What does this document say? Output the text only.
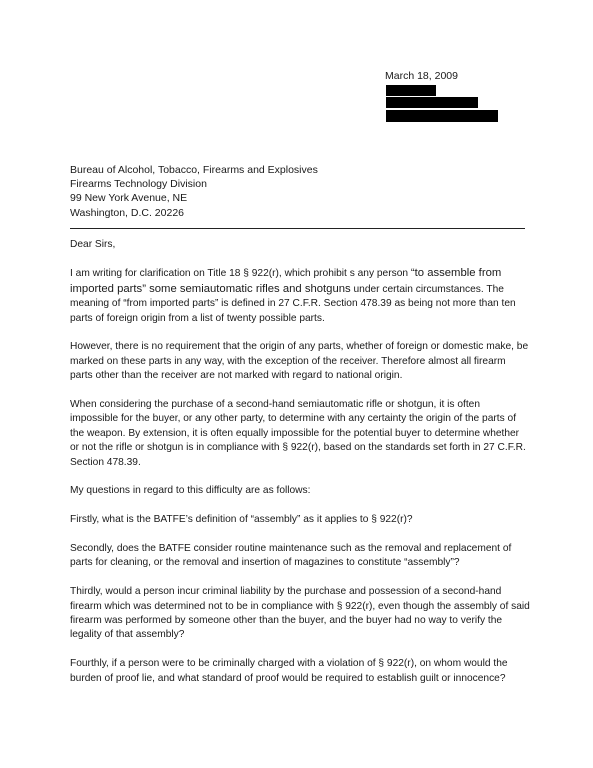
March 18, 2009
Bureau of Alcohol, Tobacco, Firearms and Explosives
Firearms Technology Division
99 New York Avenue, NE
Washington, D.C. 20226

Dear Sirs,

I am writing for clarification on Title 18 § 922(r), which prohibit s any person “to assemble from imported parts” some semiautomatic rifles and shotguns under certain circumstances. The meaning of “from imported parts” is defined in 27 C.F.R. Section 478.39 as being not more than ten parts of foreign origin from a list of twenty possible parts.

However, there is no requirement that the origin of any parts, whether of foreign or domestic make, be marked on these parts in any way, with the exception of the receiver. Therefore almost all firearm parts other than the receiver are not marked with regard to national origin.

When considering the purchase of a second-hand semiautomatic rifle or shotgun, it is often impossible for the buyer, or any other party, to determine with any certainty the origin of the parts of the weapon. By extension, it is often equally impossible for the potential buyer to determine whether or not the rifle or shotgun is in compliance with § 922(r), based on the standards set forth in 27 C.F.R. Section 478.39.

My questions in regard to this difficulty are as follows:

Firstly, what is the BATFE’s definition of “assembly” as it applies to § 922(r)?

Secondly, does the BATFE consider routine maintenance such as the removal and replacement of parts for cleaning, or the removal and insertion of magazines to constitute “assembly”?

Thirdly, would a person incur criminal liability by the purchase and possession of a second-hand firearm which was determined not to be in compliance with § 922(r), even though the assembly of said firearm was performed by someone other than the buyer, and the buyer had no way to verify the legality of that assembly?

Fourthly, if a person were to be criminally charged with a violation of § 922(r), on whom would the burden of proof lie, and what standard of proof would be required to establish guilt or innocence?
